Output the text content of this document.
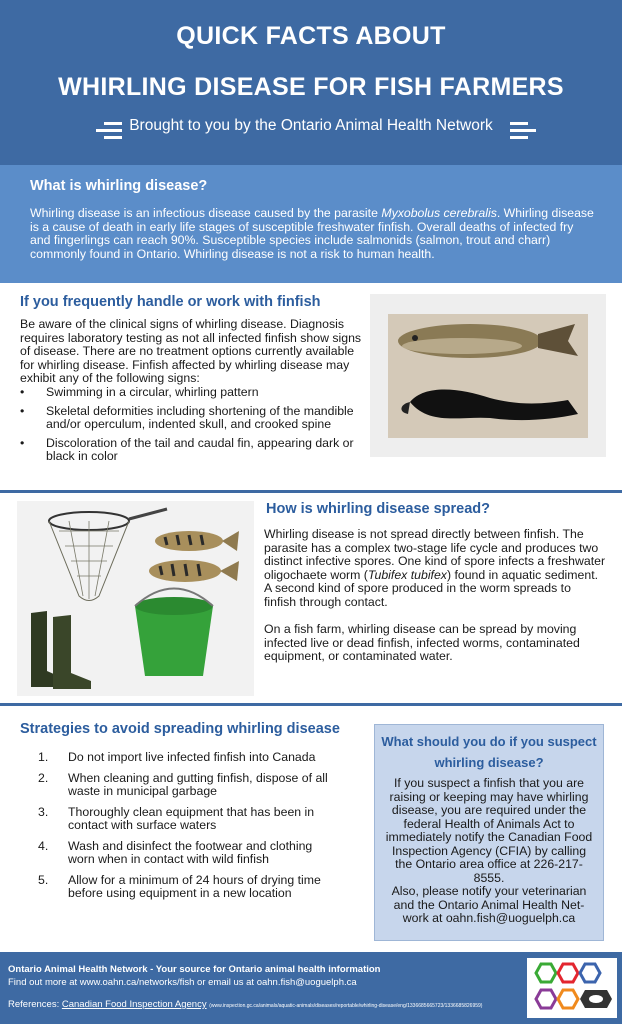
QUICK FACTS ABOUT
WHIRLING DISEASE FOR FISH FARMERS
Brought to you by the Ontario Animal Health Network
What is whirling disease?

Whirling disease is an infectious disease caused by the parasite Myxobolus cerebralis. Whirling disease is a cause of death in early life stages of susceptible freshwater finfish. Overall deaths of infected fry and fingerlings can reach 90%. Susceptible species include salmonids (salmon, trout and charr) commonly found in Ontario. Whirling disease is not a risk to human health.

If you frequently handle or work with finfish

Be aware of the clinical signs of whirling disease. Diagnosis requires laboratory testing as not all infected finfish show signs of disease. There are no treatment options currently available for whirling disease. Finfish affected by whirling disease may exhibit any of the following signs:

• Swimming in a circular, whirling pattern
• Skeletal deformities including shortening of the mandible and/or operculum, indented skull, and crooked spine
• Discoloration of the tail and caudal fin, appearing dark or black in color
How is whirling disease spread?

Whirling disease is not spread directly between finfish. The parasite has a complex two-stage life cycle and produces two distinct infective spores. One kind of spore infects a freshwater oligochaete worm (Tubifex tubifex) found in aquatic sediment. A second kind of spore produced in the worm spreads to finfish through contact.

On a fish farm, whirling disease can be spread by moving infected live or dead finfish, infected worms, contaminated equipment, or contaminated water.

Strategies to avoid spreading whirling disease
1. Do not import live infected finfish into Canada
2. When cleaning and gutting finfish, dispose of all waste in municipal garbage
3. Thoroughly clean equipment that has been in contact with surface waters
4. Wash and disinfect the footwear and clothing worn when in contact with wild finfish
5. Allow for a minimum of 24 hours of drying time before using equipment in a new location
What should you do if you suspect whirling disease?

If you suspect a finfish that you are raising or keeping may have whirling disease, you are required under the federal Health of Animals Act to immediately notify the Canadian Food Inspection Agency (CFIA) by calling the Ontario area office at 226-217-8555.

Also, please notify your veterinarian and the Ontario Animal Health Net-work at oahn.fish@uoguelph.ca

Ontario Animal Health Network - Your source for Ontario animal health information
Find out more at www.oahn.ca/networks/fish or email us at oahn.fish@uoguelph.ca
References: Canadian Food Inspection Agency (www.inspection.gc.ca/animals/aquatic-animals/diseases/reportable/whirling-disease/eng/1336685665723/1336685826959)
